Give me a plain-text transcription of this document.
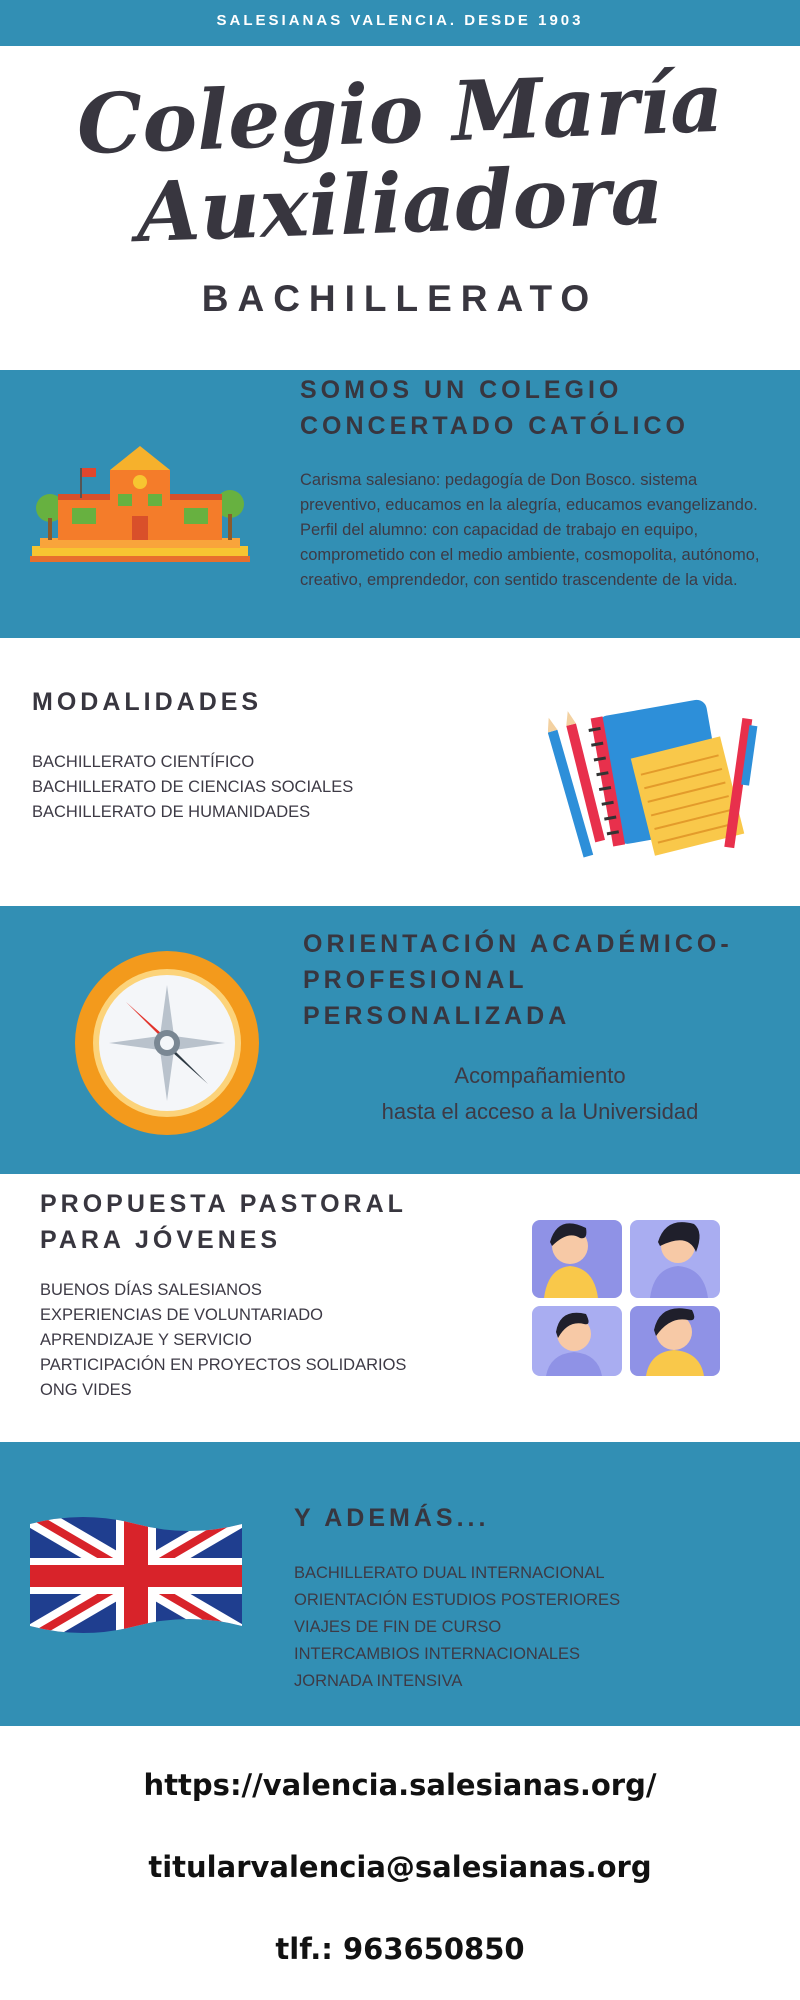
SALESIANAS VALENCIA. DESDE 1903
Colegio María
Auxiliadora
BACHILLERATO
SOMOS UN COLEGIO
CONCERTADO CATÓLICO
Carisma salesiano: pedagogía de Don Bosco. sistema preventivo, educamos en la alegría, educamos evangelizando. Perfil del alumno: con capacidad de trabajo en equipo, comprometido con el medio ambiente, cosmopolita, autónomo, creativo, emprendedor, con sentido trascendente de la vida.
MODALIDADES
BACHILLERATO CIENTÍFICO
BACHILLERATO DE CIENCIAS SOCIALES
BACHILLERATO DE HUMANIDADES
ORIENTACIÓN ACADÉMICO-
PROFESIONAL PERSONALIZADA
Acompañamiento
hasta el acceso a la Universidad
PROPUESTA PASTORAL
PARA JÓVENES
BUENOS DÍAS SALESIANOS
EXPERIENCIAS DE VOLUNTARIADO
APRENDIZAJE Y SERVICIO
PARTICIPACIÓN EN PROYECTOS SOLIDARIOS
ONG VIDES
Y ADEMÁS...
BACHILLERATO DUAL INTERNACIONAL
ORIENTACIÓN ESTUDIOS POSTERIORES
VIAJES DE FIN DE CURSO
INTERCAMBIOS INTERNACIONALES
JORNADA INTENSIVA
https://valencia.salesianas.org/
titularvalencia@salesianas.org
tlf.: 963650850
